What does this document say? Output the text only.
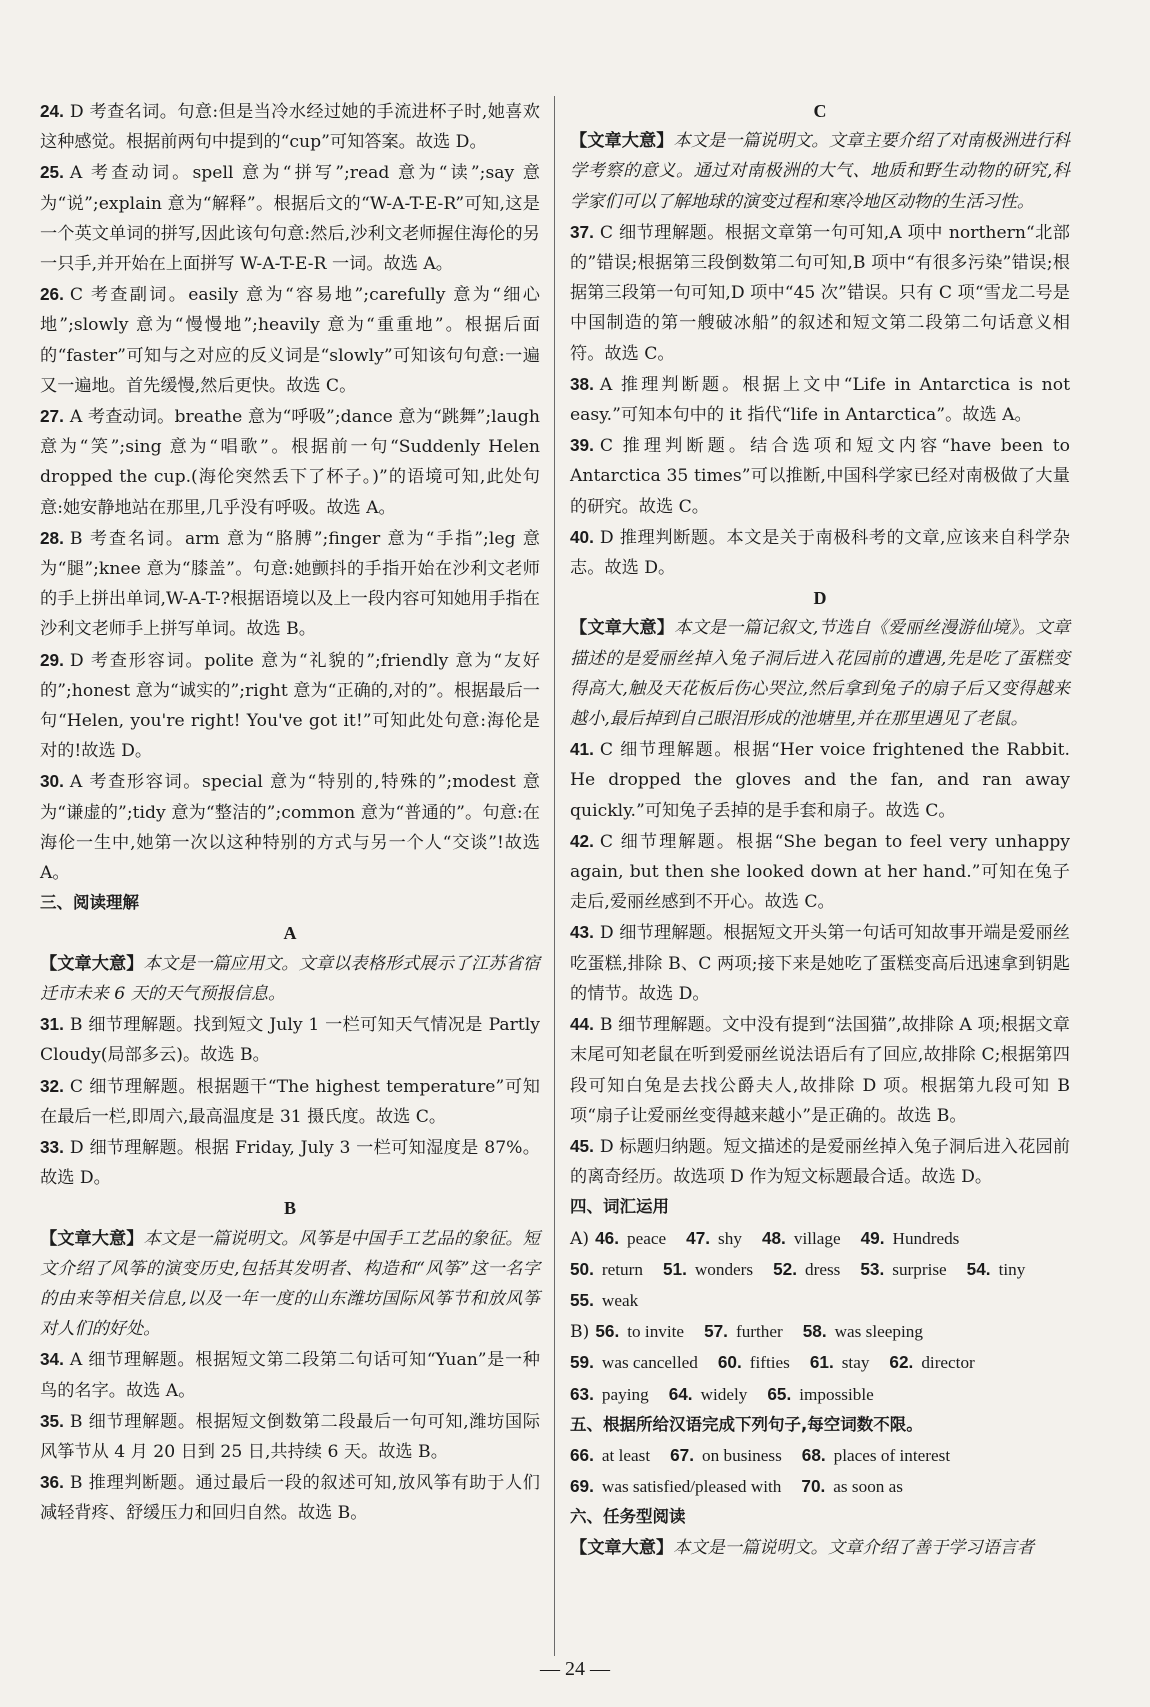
24. D 考查名词。句意:但是当冷水经过她的手流进杯子时,她喜欢这种感觉。根据前两句中提到的“cup”可知答案。故选 D。

25. A 考查动词。spell 意为“拼写”;read 意为“读”;say 意为“说”;explain 意为“解释”。根据后文的“W-A-T-E-R”可知,这是一个英文单词的拼写,因此该句句意:然后,沙利文老师握住海伦的另一只手,并开始在上面拼写 W-A-T-E-R 一词。故选 A。

26. C 考查副词。easily 意为“容易地”;carefully 意为“细心地”;slowly 意为“慢慢地”;heavily 意为“重重地”。根据后面的“faster”可知与之对应的反义词是“slowly”可知该句句意:一遍又一遍地。首先缓慢,然后更快。故选 C。

27. A 考查动词。breathe 意为“呼吸”;dance 意为“跳舞”;laugh 意为“笑”;sing 意为“唱歌”。根据前一句“Suddenly Helen dropped the cup.(海伦突然丢下了杯子。)”的语境可知,此处句意:她安静地站在那里,几乎没有呼吸。故选 A。

28. B 考查名词。arm 意为“胳膊”;finger 意为“手指”;leg 意为“腿”;knee 意为“膝盖”。句意:她颤抖的手指开始在沙利文老师的手上拼出单词,W-A-T-?根据语境以及上一段内容可知她用手指在沙利文老师手上拼写单词。故选 B。

29. D 考查形容词。polite 意为“礼貌的”;friendly 意为“友好的”;honest 意为“诚实的”;right 意为“正确的,对的”。根据最后一句“Helen, you're right! You've got it!”可知此处句意:海伦是对的!故选 D。

30. A 考查形容词。special 意为“特别的,特殊的”;modest 意为“谦虚的”;tidy 意为“整洁的”;common 意为“普通的”。句意:在海伦一生中,她第一次以这种特别的方式与另一个人“交谈”!故选 A。

三、阅读理解

A

【文章大意】本文是一篇应用文。文章以表格形式展示了江苏省宿迁市未来 6 天的天气预报信息。

31. B 细节理解题。找到短文 July 1 一栏可知天气情况是 Partly Cloudy(局部多云)。故选 B。

32. C 细节理解题。根据题干“The highest temperature”可知在最后一栏,即周六,最高温度是 31 摄氏度。故选 C。

33. D 细节理解题。根据 Friday, July 3 一栏可知湿度是 87%。故选 D。

B

【文章大意】本文是一篇说明文。风筝是中国手工艺品的象征。短文介绍了风筝的演变历史,包括其发明者、构造和“风筝”这一名字的由来等相关信息,以及一年一度的山东潍坊国际风筝节和放风筝对人们的好处。

34. A 细节理解题。根据短文第二段第二句话可知“Yuan”是一种鸟的名字。故选 A。

35. B 细节理解题。根据短文倒数第二段最后一句可知,潍坊国际风筝节从 4 月 20 日到 25 日,共持续 6 天。故选 B。

36. B 推理判断题。通过最后一段的叙述可知,放风筝有助于人们减轻背疼、舒缓压力和回归自然。故选 B。

C

【文章大意】本文是一篇说明文。文章主要介绍了对南极洲进行科学考察的意义。通过对南极洲的大气、地质和野生动物的研究,科学家们可以了解地球的演变过程和寒冷地区动物的生活习性。

37. C 细节理解题。根据文章第一句可知,A 项中 northern“北部的”错误;根据第三段倒数第二句可知,B 项中“有很多污染”错误;根据第三段第一句可知,D 项中“45 次”错误。只有 C 项“雪龙二号是中国制造的第一艘破冰船”的叙述和短文第二段第二句话意义相符。故选 C。

38. A 推理判断题。根据上文中“Life in Antarctica is not easy.”可知本句中的 it 指代“life in Antarctica”。故选 A。

39. C 推理判断题。结合选项和短文内容“have been to Antarctica 35 times”可以推断,中国科学家已经对南极做了大量的研究。故选 C。

40. D 推理判断题。本文是关于南极科考的文章,应该来自科学杂志。故选 D。

D

【文章大意】本文是一篇记叙文,节选自《爱丽丝漫游仙境》。文章描述的是爱丽丝掉入兔子洞后进入花园前的遭遇,先是吃了蛋糕变得高大,触及天花板后伤心哭泣,然后拿到兔子的扇子后又变得越来越小,最后掉到自己眼泪形成的池塘里,并在那里遇见了老鼠。

41. C 细节理解题。根据“Her voice frightened the Rabbit. He dropped the gloves and the fan, and ran away quickly.”可知兔子丢掉的是手套和扇子。故选 C。

42. C 细节理解题。根据“She began to feel very unhappy again, but then she looked down at her hand.”可知在兔子走后,爱丽丝感到不开心。故选 C。

43. D 细节理解题。根据短文开头第一句话可知故事开端是爱丽丝吃蛋糕,排除 B、C 两项;接下来是她吃了蛋糕变高后迅速拿到钥匙的情节。故选 D。

44. B 细节理解题。文中没有提到“法国猫”,故排除 A 项;根据文章末尾可知老鼠在听到爱丽丝说法语后有了回应,故排除 C;根据第四段可知白兔是去找公爵夫人,故排除 D 项。根据第九段可知 B 项“扇子让爱丽丝变得越来越小”是正确的。故选 B。

45. D 标题归纳题。短文描述的是爱丽丝掉入兔子洞后进入花园前的离奇经历。故选项 D 作为短文标题最合适。故选 D。

四、词汇运用

A) 46. peace 47. shy 48. village 49. Hundreds

50. return 51. wonders 52. dress 53. surprise 54. tiny

55. weak

B) 56. to invite 57. further 58. was sleeping

59. was cancelled 60. fifties 61. stay 62. director

63. paying 64. widely 65. impossible

五、根据所给汉语完成下列句子,每空词数不限。

66. at least 67. on business 68. places of interest

69. was satisfied/pleased with 70. as soon as

六、任务型阅读

【文章大意】本文是一篇说明文。文章介绍了善于学习语言者

— 24 —
